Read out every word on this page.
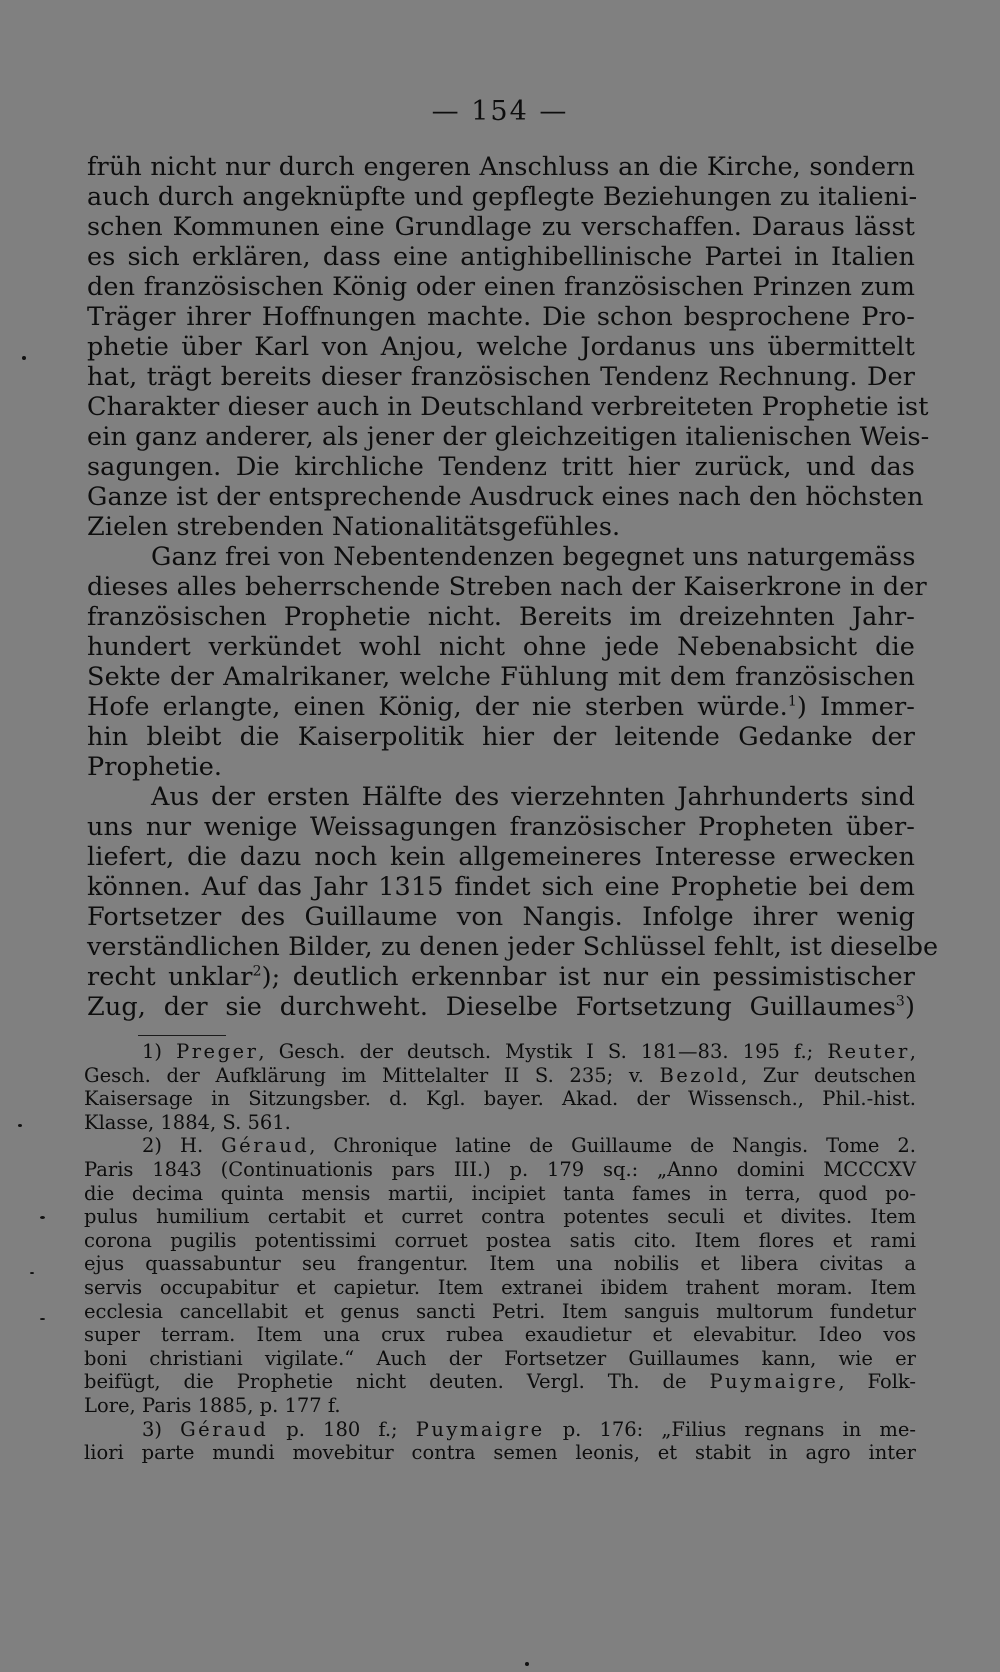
— 154 —
früh nicht nur durch engeren Anschluss an die Kirche, sondern
auch durch angeknüpfte und gepflegte Beziehungen zu italieni-
schen Kommunen eine Grundlage zu verschaffen. Daraus lässt
es sich erklären, dass eine antighibellinische Partei in Italien
den französischen König oder einen französischen Prinzen zum
Träger ihrer Hoffnungen machte. Die schon besprochene Pro-
phetie über Karl von Anjou, welche Jordanus uns übermittelt
hat, trägt bereits dieser französischen Tendenz Rechnung. Der
Charakter dieser auch in Deutschland verbreiteten Prophetie ist
ein ganz anderer, als jener der gleichzeitigen italienischen Weis-
sagungen. Die kirchliche Tendenz tritt hier zurück, und das
Ganze ist der entsprechende Ausdruck eines nach den höchsten
Zielen strebenden Nationalitätsgefühles.
Ganz frei von Nebentendenzen begegnet uns naturgemäss
dieses alles beherrschende Streben nach der Kaiserkrone in der
französischen Prophetie nicht. Bereits im dreizehnten Jahr-
hundert verkündet wohl nicht ohne jede Nebenabsicht die
Sekte der Amalrikaner, welche Fühlung mit dem französischen
Hofe erlangte, einen König, der nie sterben würde.$^1$) Immer-
hin bleibt die Kaiserpolitik hier der leitende Gedanke der
Prophetie.
Aus der ersten Hälfte des vierzehnten Jahrhunderts sind
uns nur wenige Weissagungen französischer Propheten über-
liefert, die dazu noch kein allgemeineres Interesse erwecken
können. Auf das Jahr 1315 findet sich eine Prophetie bei dem
Fortsetzer des Guillaume von Nangis. Infolge ihrer wenig
verständlichen Bilder, zu denen jeder Schlüssel fehlt, ist dieselbe
recht unklar$^2$); deutlich erkennbar ist nur ein pessimistischer
Zug, der sie durchweht. Dieselbe Fortsetzung Guillaumes$^3$)
1) Preger, Gesch. der deutsch. Mystik I S. 181—83. 195 f.; Reuter,
Gesch. der Aufklärung im Mittelalter II S. 235; v. Bezold, Zur deutschen
Kaisersage in Sitzungsber. d. Kgl. bayer. Akad. der Wissensch., Phil.-hist.
Klasse, 1884, S. 561.
2) H. Géraud, Chronique latine de Guillaume de Nangis. Tome 2.
Paris 1843 (Continuationis pars III.) p. 179 sq.: „Anno domini MCCCXV
die decima quinta mensis martii, incipiet tanta fames in terra, quod po-
pulus humilium certabit et curret contra potentes seculi et divites. Item
corona pugilis potentissimi corruet postea satis cito. Item flores et rami
ejus quassabuntur seu frangentur. Item una nobilis et libera civitas a
servis occupabitur et capietur. Item extranei ibidem trahent moram. Item
ecclesia cancellabit et genus sancti Petri. Item sanguis multorum fundetur
super terram. Item una crux rubea exaudietur et elevabitur. Ideo vos
boni christiani vigilate.“ Auch der Fortsetzer Guillaumes kann, wie er
beifügt, die Prophetie nicht deuten. Vergl. Th. de Puymaigre, Folk-
Lore, Paris 1885, p. 177 f.
3) Géraud p. 180 f.; Puymaigre p. 176: „Filius regnans in me-
liori parte mundi movebitur contra semen leonis, et stabit in agro inter
